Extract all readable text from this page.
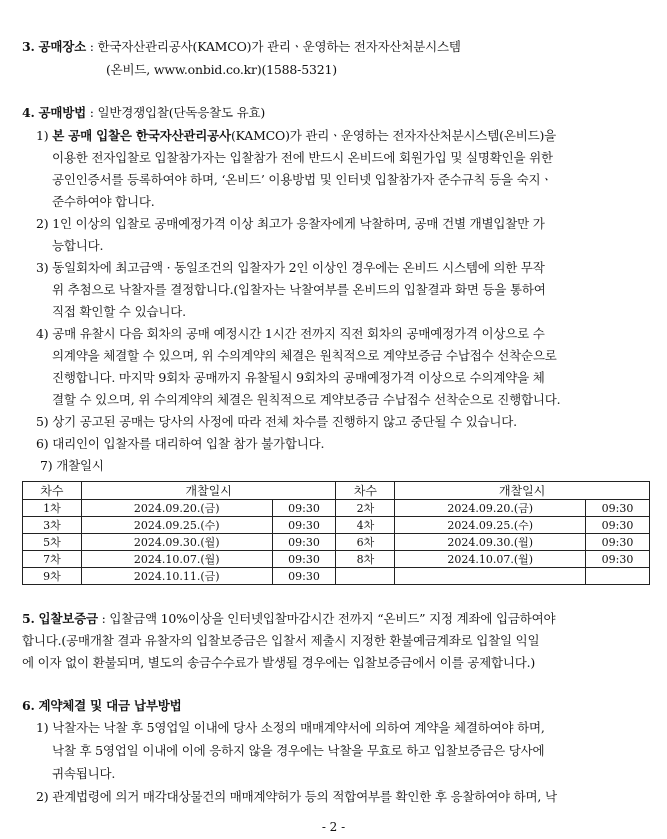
3. 공매장소 : 한국자산관리공사(KAMCO)가 관리ㆍ운영하는 전자자산처분시스템
(온비드, www.onbid.co.kr)(1588-5321)
4. 공매방법 : 일반경쟁입찰(단독응찰도 유효)
1) 본 공매 입찰은 한국자산관리공사(KAMCO)가 관리ㆍ운영하는 전자자산처분시스템(온비드)을
이용한 전자입찰로 입찰참가자는 입찰참가 전에 반드시 온비드에 회원가입 및 실명확인을 위한
공인인증서를 등록하여야 하며, ‘온비드’ 이용방법 및 인터넷 입찰참가자 준수규칙 등을 숙지ㆍ
준수하여야 합니다.
2) 1인 이상의 입찰로 공매예정가격 이상 최고가 응찰자에게 낙찰하며, 공매 건별 개별입찰만 가
능합니다.
3) 동일회차에 최고금액 · 동일조건의 입찰자가 2인 이상인 경우에는 온비드 시스템에 의한 무작
위 추첨으로 낙찰자를 결정합니다.(입찰자는 낙찰여부를 온비드의 입찰결과 화면 등을 통하여
직접 확인할 수 있습니다.
4) 공매 유찰시 다음 회차의 공매 예정시간 1시간 전까지 직전 회차의 공매예정가격 이상으로 수
의계약을 체결할 수 있으며, 위 수의계약의 체결은 원칙적으로 계약보증금 수납접수 선착순으로
진행합니다. 마지막 9회차 공매까지 유찰될시 9회차의 공매예정가격 이상으로 수의계약을 체
결할 수 있으며, 위 수의계약의 체결은 원칙적으로 계약보증금 수납접수 선착순으로 진행합니다.
5) 상기 공고된 공매는 당사의 사정에 따라 전체 차수를 진행하지 않고 중단될 수 있습니다.
6) 대리인이 입찰자를 대리하여 입찰 참가 불가합니다.
7) 개찰일시
차수	개찰일시		차수	개찰일시	
1차	2024.09.20.(금)	09:30	2차	2024.09.20.(금)	09:30
3차	2024.09.25.(수)	09:30	4차	2024.09.25.(수)	09:30
5차	2024.09.30.(월)	09:30	6차	2024.09.30.(월)	09:30
7차	2024.10.07.(월)	09:30	8차	2024.10.07.(월)	09:30
9차	2024.10.11.(금)	09:30			
5. 입찰보증금 : 입찰금액 10%이상을 인터넷입찰마감시간 전까지 “온비드” 지정 계좌에 입금하여야
합니다.(공매개찰 결과 유찰자의 입찰보증금은 입찰서 제출시 지정한 환불예금계좌로 입찰일 익일
에 이자 없이 환불되며, 별도의 송금수수료가 발생될 경우에는 입찰보증금에서 이를 공제합니다.)
6. 계약체결 및 대금 납부방법
1) 낙찰자는 낙찰 후 5영업일 이내에 당사 소정의 매매계약서에 의하여 계약을 체결하여야 하며,
낙찰 후 5영업일 이내에 이에 응하지 않을 경우에는 낙찰을 무효로 하고 입찰보증금은 당사에
귀속됩니다.
2) 관계법령에 의거 매각대상물건의 매매계약허가 등의 적합여부를 확인한 후 응찰하여야 하며, 낙
- 2 -
